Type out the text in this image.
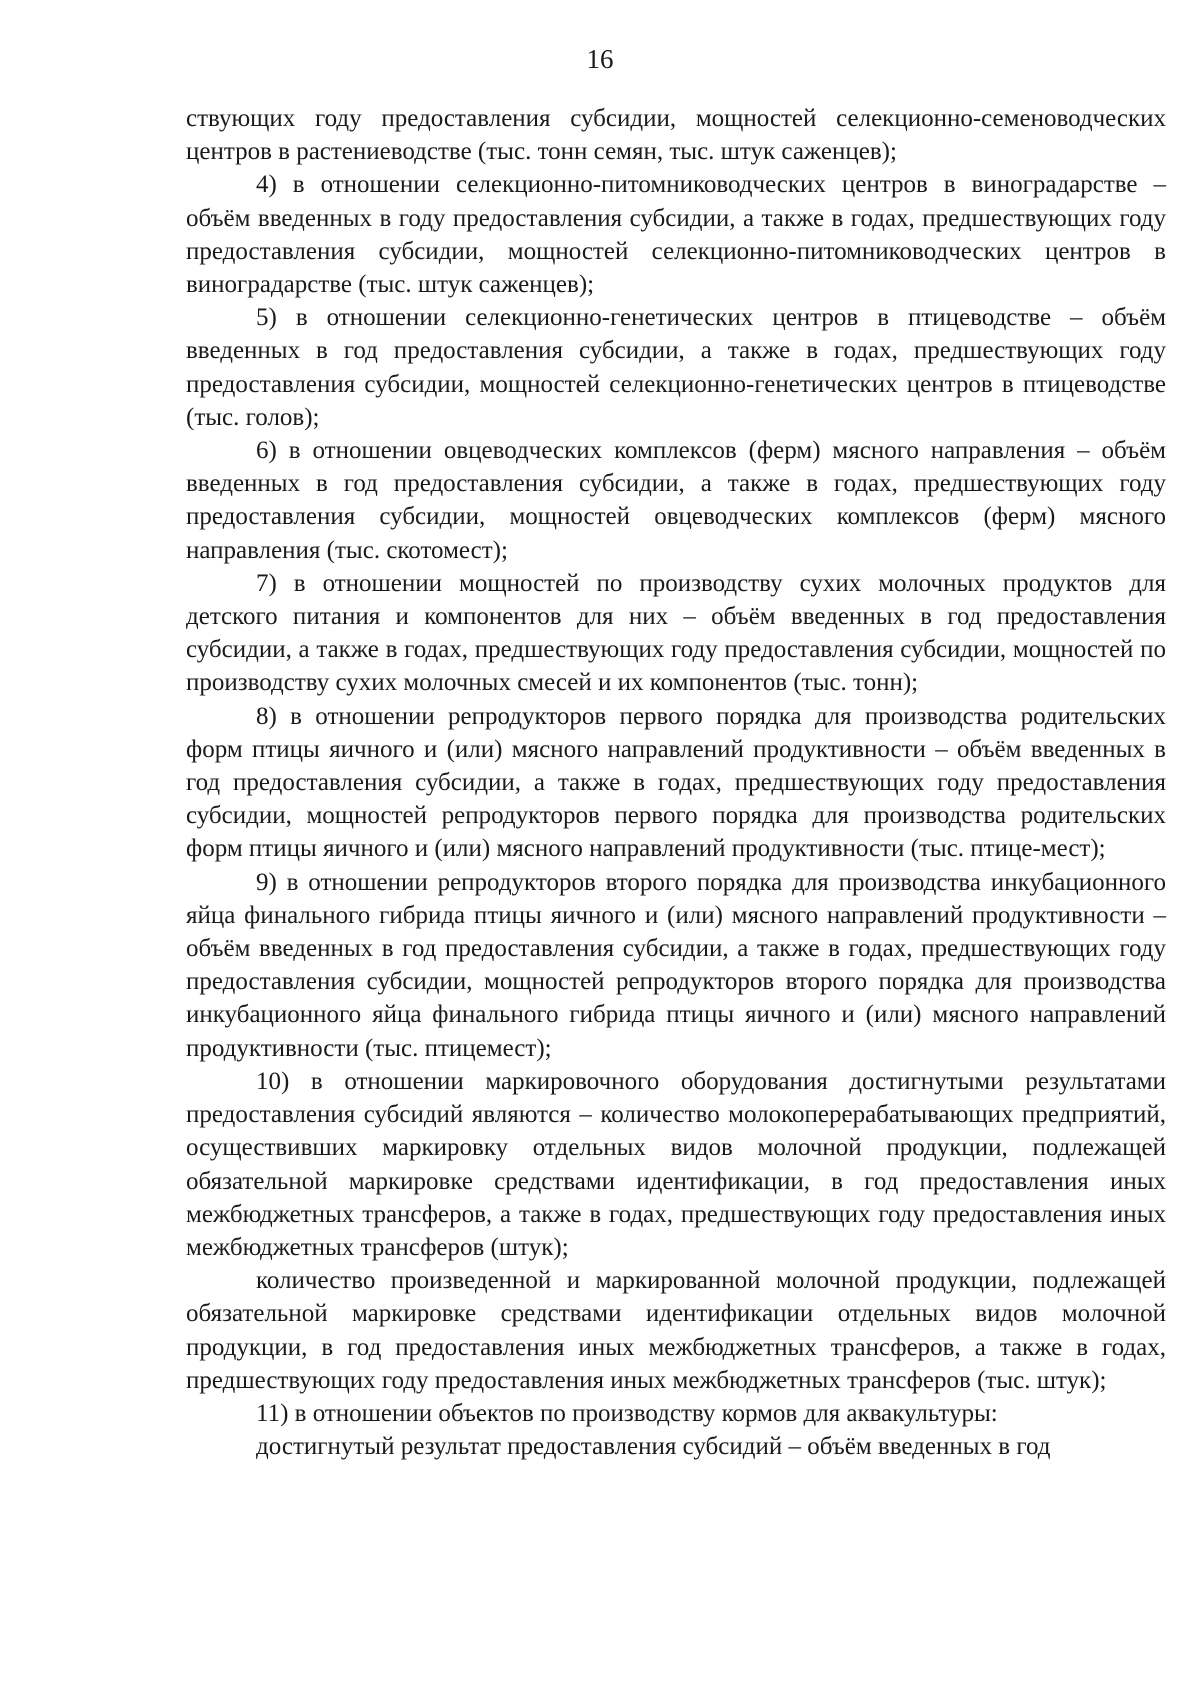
16

ствующих году предоставления субсидии, мощностей селекционно-семеноводческих центров в растениеводстве (тыс. тонн семян, тыс. штук саженцев);

4) в отношении селекционно-питомниководческих центров в виноградарстве – объём введенных в году предоставления субсидии, а также в годах, предшествующих году предоставления субсидии, мощностей селекционно-питомниководческих центров в виноградарстве (тыс. штук саженцев);

5) в отношении селекционно-генетических центров в птицеводстве – объём введенных в год предоставления субсидии, а также в годах, предшествующих году предоставления субсидии, мощностей селекционно-генетических центров в птицеводстве (тыс. голов);

6) в отношении овцеводческих комплексов (ферм) мясного направления – объём введенных в год предоставления субсидии, а также в годах, предшествующих году предоставления субсидии, мощностей овцеводческих комплексов (ферм) мясного направления (тыс. скотомест);

7) в отношении мощностей по производству сухих молочных продуктов для детского питания и компонентов для них – объём введенных в год предоставления субсидии, а также в годах, предшествующих году предоставления субсидии, мощностей по производству сухих молочных смесей и их компонентов (тыс. тонн);

8) в отношении репродукторов первого порядка для производства родительских форм птицы яичного и (или) мясного направлений продуктивности – объём введенных в год предоставления субсидии, а также в годах, предшествующих году предоставления субсидии, мощностей репродукторов первого порядка для производства родительских форм птицы яичного и (или) мясного направлений продуктивности (тыс. птице-мест);

9) в отношении репродукторов второго порядка для производства инкубационного яйца финального гибрида птицы яичного и (или) мясного направлений продуктивности – объём введенных в год предоставления субсидии, а также в годах, предшествующих году предоставления субсидии, мощностей репродукторов второго порядка для производства инкубационного яйца финального гибрида птицы яичного и (или) мясного направлений продуктивности (тыс. птицемест);

10) в отношении маркировочного оборудования достигнутыми результатами предоставления субсидий являются – количество молокоперерабатывающих предприятий, осуществивших маркировку отдельных видов молочной продукции, подлежащей обязательной маркировке средствами идентификации, в год предоставления иных межбюджетных трансферов, а также в годах, предшествующих году предоставления иных межбюджетных трансферов (штук);

количество произведенной и маркированной молочной продукции, подлежащей обязательной маркировке средствами идентификации отдельных видов молочной продукции, в год предоставления иных межбюджетных трансферов, а также в годах, предшествующих году предоставления иных межбюджетных трансферов (тыс. штук);

11) в отношении объектов по производству кормов для аквакультуры:

достигнутый результат предоставления субсидий – объём введенных в год
